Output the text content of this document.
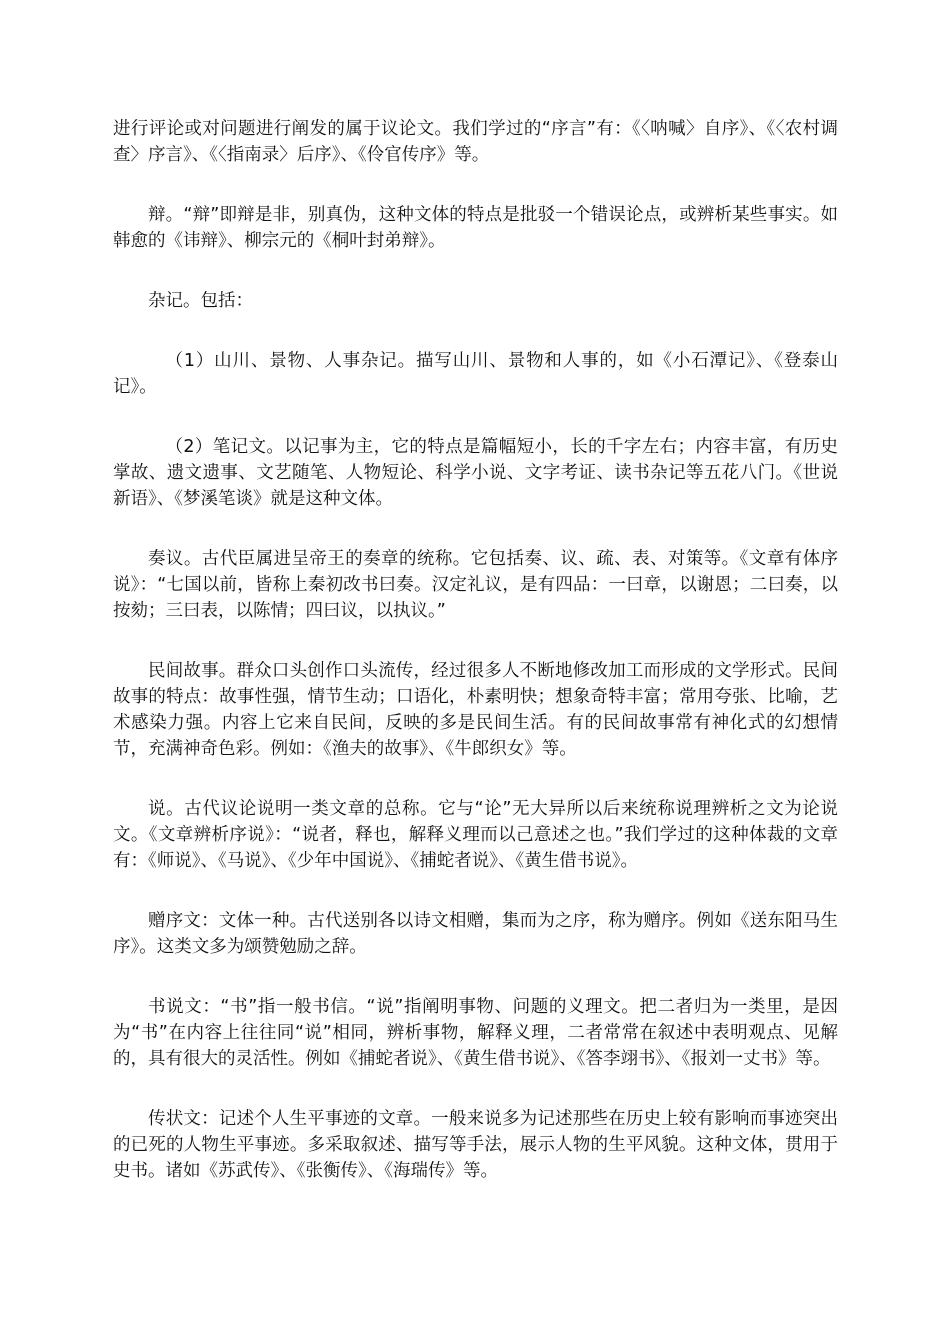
进行评论或对问题进行阐发的属于议论文。我们学过的“序言”有：《〈呐喊〉自序》、《〈农村调查〉序言》、《〈指南录〉后序》、《伶官传序》等。

辩。“辩”即辩是非，别真伪，这种文体的特点是批驳一个错误论点，或辨析某些事实。如韩愈的《讳辩》、柳宗元的《桐叶封弟辩》。

杂记。包括：

（1）山川、景物、人事杂记。描写山川、景物和人事的，如《小石潭记》、《登泰山记》。

（2）笔记文。以记事为主，它的特点是篇幅短小，长的千字左右；内容丰富，有历史掌故、遗文遗事、文艺随笔、人物短论、科学小说、文字考证、读书杂记等五花八门。《世说新语》、《梦溪笔谈》就是这种文体。

奏议。古代臣属进呈帝王的奏章的统称。它包括奏、议、疏、表、对策等。《文章有体序说》：“七国以前，皆称上秦初改书曰奏。汉定礼议，是有四品：一曰章，以谢恩；二曰奏，以按劾；三曰表，以陈情；四曰议，以执议。”

民间故事。群众口头创作口头流传，经过很多人不断地修改加工而形成的文学形式。民间故事的特点：故事性强，情节生动；口语化，朴素明快；想象奇特丰富；常用夸张、比喻，艺术感染力强。内容上它来自民间，反映的多是民间生活。有的民间故事常有神化式的幻想情节，充满神奇色彩。例如：《渔夫的故事》、《牛郎织女》等。

说。古代议论说明一类文章的总称。它与“论”无大异所以后来统称说理辨析之文为论说文。《文章辨析序说》：“说者，释也，解释义理而以己意述之也。”我们学过的这种体裁的文章有：《师说》、《马说》、《少年中国说》、《捕蛇者说》、《黄生借书说》。

赠序文：文体一种。古代送别各以诗文相赠，集而为之序，称为赠序。例如《送东阳马生序》。这类文多为颂赞勉励之辞。

书说文：“书”指一般书信。“说”指阐明事物、问题的义理文。把二者归为一类里，是因为“书”在内容上往往同“说”相同，辨析事物，解释义理，二者常常在叙述中表明观点、见解的，具有很大的灵活性。例如《捕蛇者说》、《黄生借书说》、《答李翊书》、《报刘一丈书》等。

传状文：记述个人生平事迹的文章。一般来说多为记述那些在历史上较有影响而事迹突出的已死的人物生平事迹。多采取叙述、描写等手法，展示人物的生平风貌。这种文体，贯用于史书。诸如《苏武传》、《张衡传》、《海瑞传》等。
